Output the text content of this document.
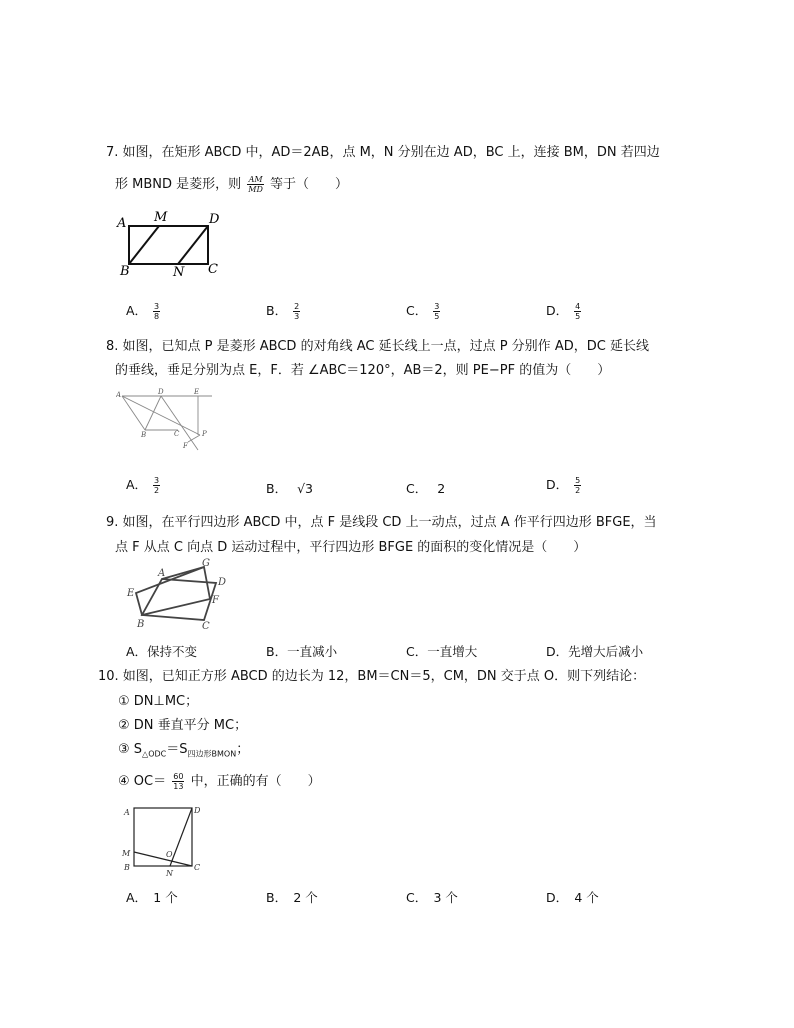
7. 如图，在矩形 ABCD 中，AD＝2AB，点 M，N 分别在边 AD，BC 上，连接 BM，DN 若四边
形 MBND 是菱形，则 $\frac{AM}{MD}$ 等于（　　）
A M	D
B	N C
A． $\frac{3}{8}$	B． $\frac{2}{3}$	C． $\frac{3}{5}$	D． $\frac{4}{5}$
8. 如图，已知点 P 是菱形 ABCD 的对角线 AC 延长线上一点，过点 P 分别作 AD，DC 延长线
的垂线，垂足分别为点 E，F．若 ∠ABC＝120°，AB＝2，则 PE−PF 的值为（　　）
A	D	E
B	C	P
F
A． $\frac{3}{2}$	B． √3	C． 2	D． $\frac{5}{2}$
9. 如图，在平行四边形 ABCD 中，点 F 是线段 CD 上一动点，过点 A 作平行四边形 BFGE，当
点 F 从点 C 向点 D 运动过程中，平行四边形 BFGE 的面积的变化情况是（　　）
A
G
D
E
F
B	C
A．保持不变	B．一直减小	C．一直增大	D．先增大后减小
10. 如图，已知正方形 ABCD 的边长为 12，BM＝CN＝5，CM，DN 交于点 O．则下列结论：
① DN⊥MC；
② DN 垂直平分 MC；
③ $S_{\triangle ODC}=S_{四边形BMON}$；
④ $OC= \frac{60}{13}$ 中，正确的有（　　）
A	D
M	O
B
N
C
A．　1 个	B．　2 个	C．　3 个	D．　4 个
